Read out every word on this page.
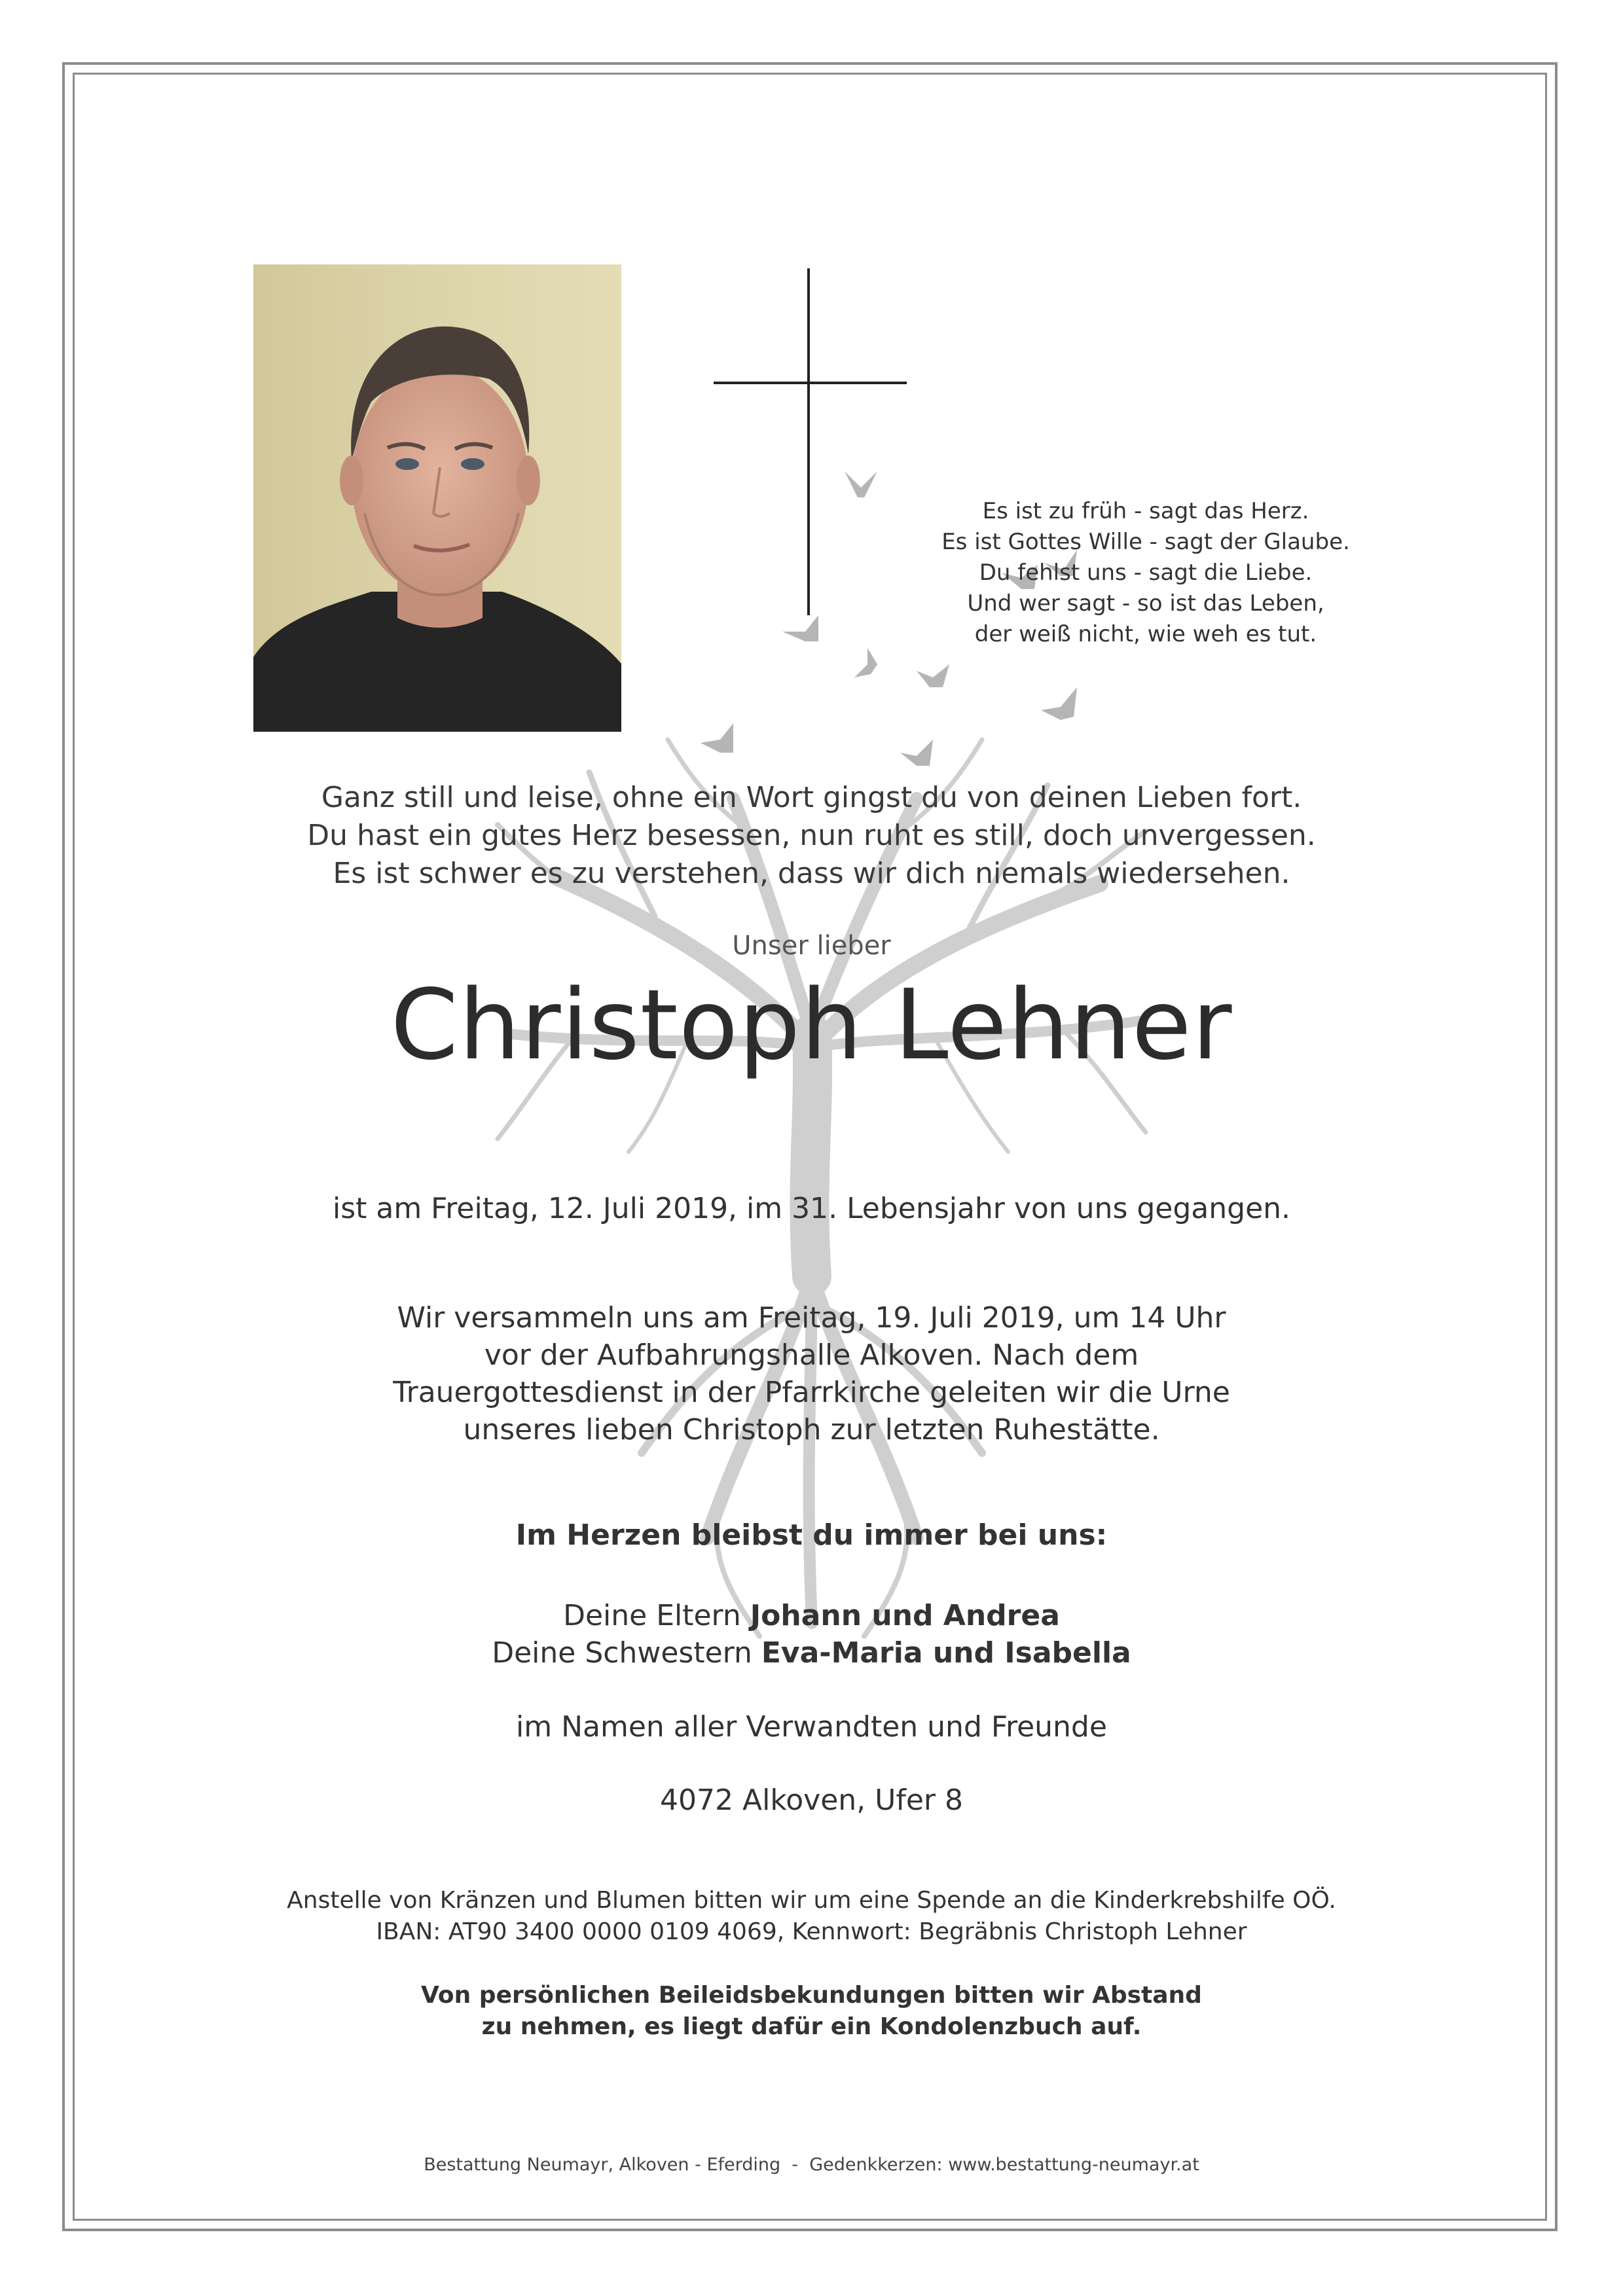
Es ist zu früh - sagt das Herz.
Es ist Gottes Wille - sagt der Glaube.
Du fehlst uns - sagt die Liebe.
Und wer sagt - so ist das Leben,
der weiß nicht, wie weh es tut.
Ganz still und leise, ohne ein Wort gingst du von deinen Lieben fort.
Du hast ein gutes Herz besessen, nun ruht es still, doch unvergessen.
Es ist schwer es zu verstehen, dass wir dich niemals wiedersehen.
Unser lieber
Christoph Lehner
ist am Freitag, 12. Juli 2019, im 31. Lebensjahr von uns gegangen.
Wir versammeln uns am Freitag, 19. Juli 2019, um 14 Uhr
vor der Aufbahrungshalle Alkoven. Nach dem
Trauergottesdienst in der Pfarrkirche geleiten wir die Urne
unseres lieben Christoph zur letzten Ruhestätte.
Im Herzen bleibst du immer bei uns:
Deine Eltern Johann und Andrea
Deine Schwestern Eva-Maria und Isabella
im Namen aller Verwandten und Freunde
4072 Alkoven, Ufer 8
Anstelle von Kränzen und Blumen bitten wir um eine Spende an die Kinderkrebshilfe OÖ.
IBAN: AT90 3400 0000 0109 4069, Kennwort: Begräbnis Christoph Lehner
Von persönlichen Beileidsbekundungen bitten wir Abstand
zu nehmen, es liegt dafür ein Kondolenzbuch auf.
Bestattung Neumayr, Alkoven - Eferding  -  Gedenkkerzen: www.bestattung-neumayr.at
